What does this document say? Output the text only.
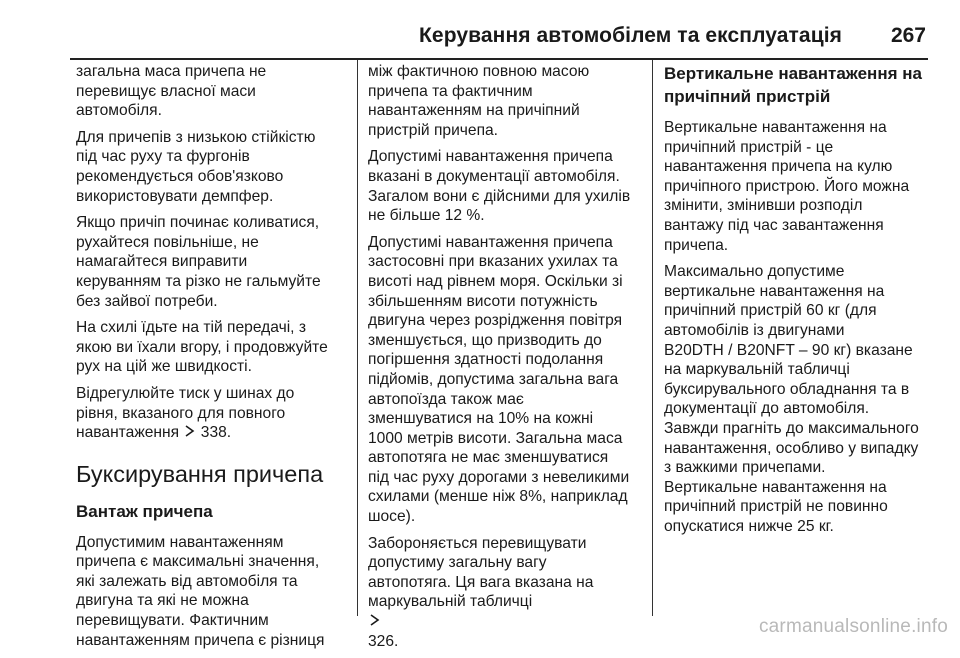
Керування автомобілем та експлуатація 267

загальна маса причепа не
перевищує власної маси
автомобіля.

Для причепів з низькою стійкістю
під час руху та фургонів
рекомендується обов'язково
використовувати демпфер.

Якщо причіп починає коливатися,
рухайтеся повільніше, не
намагайтеся виправити
керуванням та різко не гальмуйте
без зайвої потреби.

На схилі їдьте на тій передачі, з
якою ви їхали вгору, і продовжуйте
рух на цій же швидкості.

Відрегулюйте тиск у шинах до
рівня, вказаного для повного
навантаження 338.

Буксирування причепа
Вантаж причепа

Допустимим навантаженням
причепа є максимальні значення,
які залежать від автомобіля та
двигуна та які не можна
перевищувати. Фактичним
навантаженням причепа є різниця

між фактичною повною масою
причепа та фактичним
навантаженням на причіпний
пристрій причепа.

Допустимі навантаження причепа
вказані в документації автомобіля.
Загалом вони є дійсними для ухилів
не більше 12 %.

Допустимі навантаження причепа
застосовні при вказаних ухилах та
висоті над рівнем моря. Оскільки зі
збільшенням висоти потужність
двигуна через розрідження повітря
зменшується, що призводить до
погіршення здатності подолання
підйомів, допустима загальна вага
автопоїзда також має
зменшуватися на 10% на кожні
1000 метрів висоти. Загальна маса
автопотяга не має зменшуватися
під час руху дорогами з невеликими
схилами (менше ніж 8%, наприклад
шосе).

Забороняється перевищувати
допустиму загальну вагу
автопотяга. Ця вага вказана на
маркувальній табличці
326.

Вертикальне навантаження на
причіпний пристрій

Вертикальне навантаження на
причіпний пристрій - це
навантаження причепа на кулю
причіпного пристрою. Його можна
змінити, змінивши розподіл
вантажу під час завантаження
причепа.

Максимально допустиме
вертикальне навантаження на
причіпний пристрій 60 кг (для
автомобілів із двигунами
B20DTH / B20NFT – 90 кг) вказане
на маркувальній табличці
буксирувального обладнання та в
документації до автомобіля.
Завжди прагніть до максимального
навантаження, особливо у випадку
з важкими причепами.
Вертикальне навантаження на
причіпний пристрій не повинно
опускатися нижче 25 кг.

carmanualsonline.info
